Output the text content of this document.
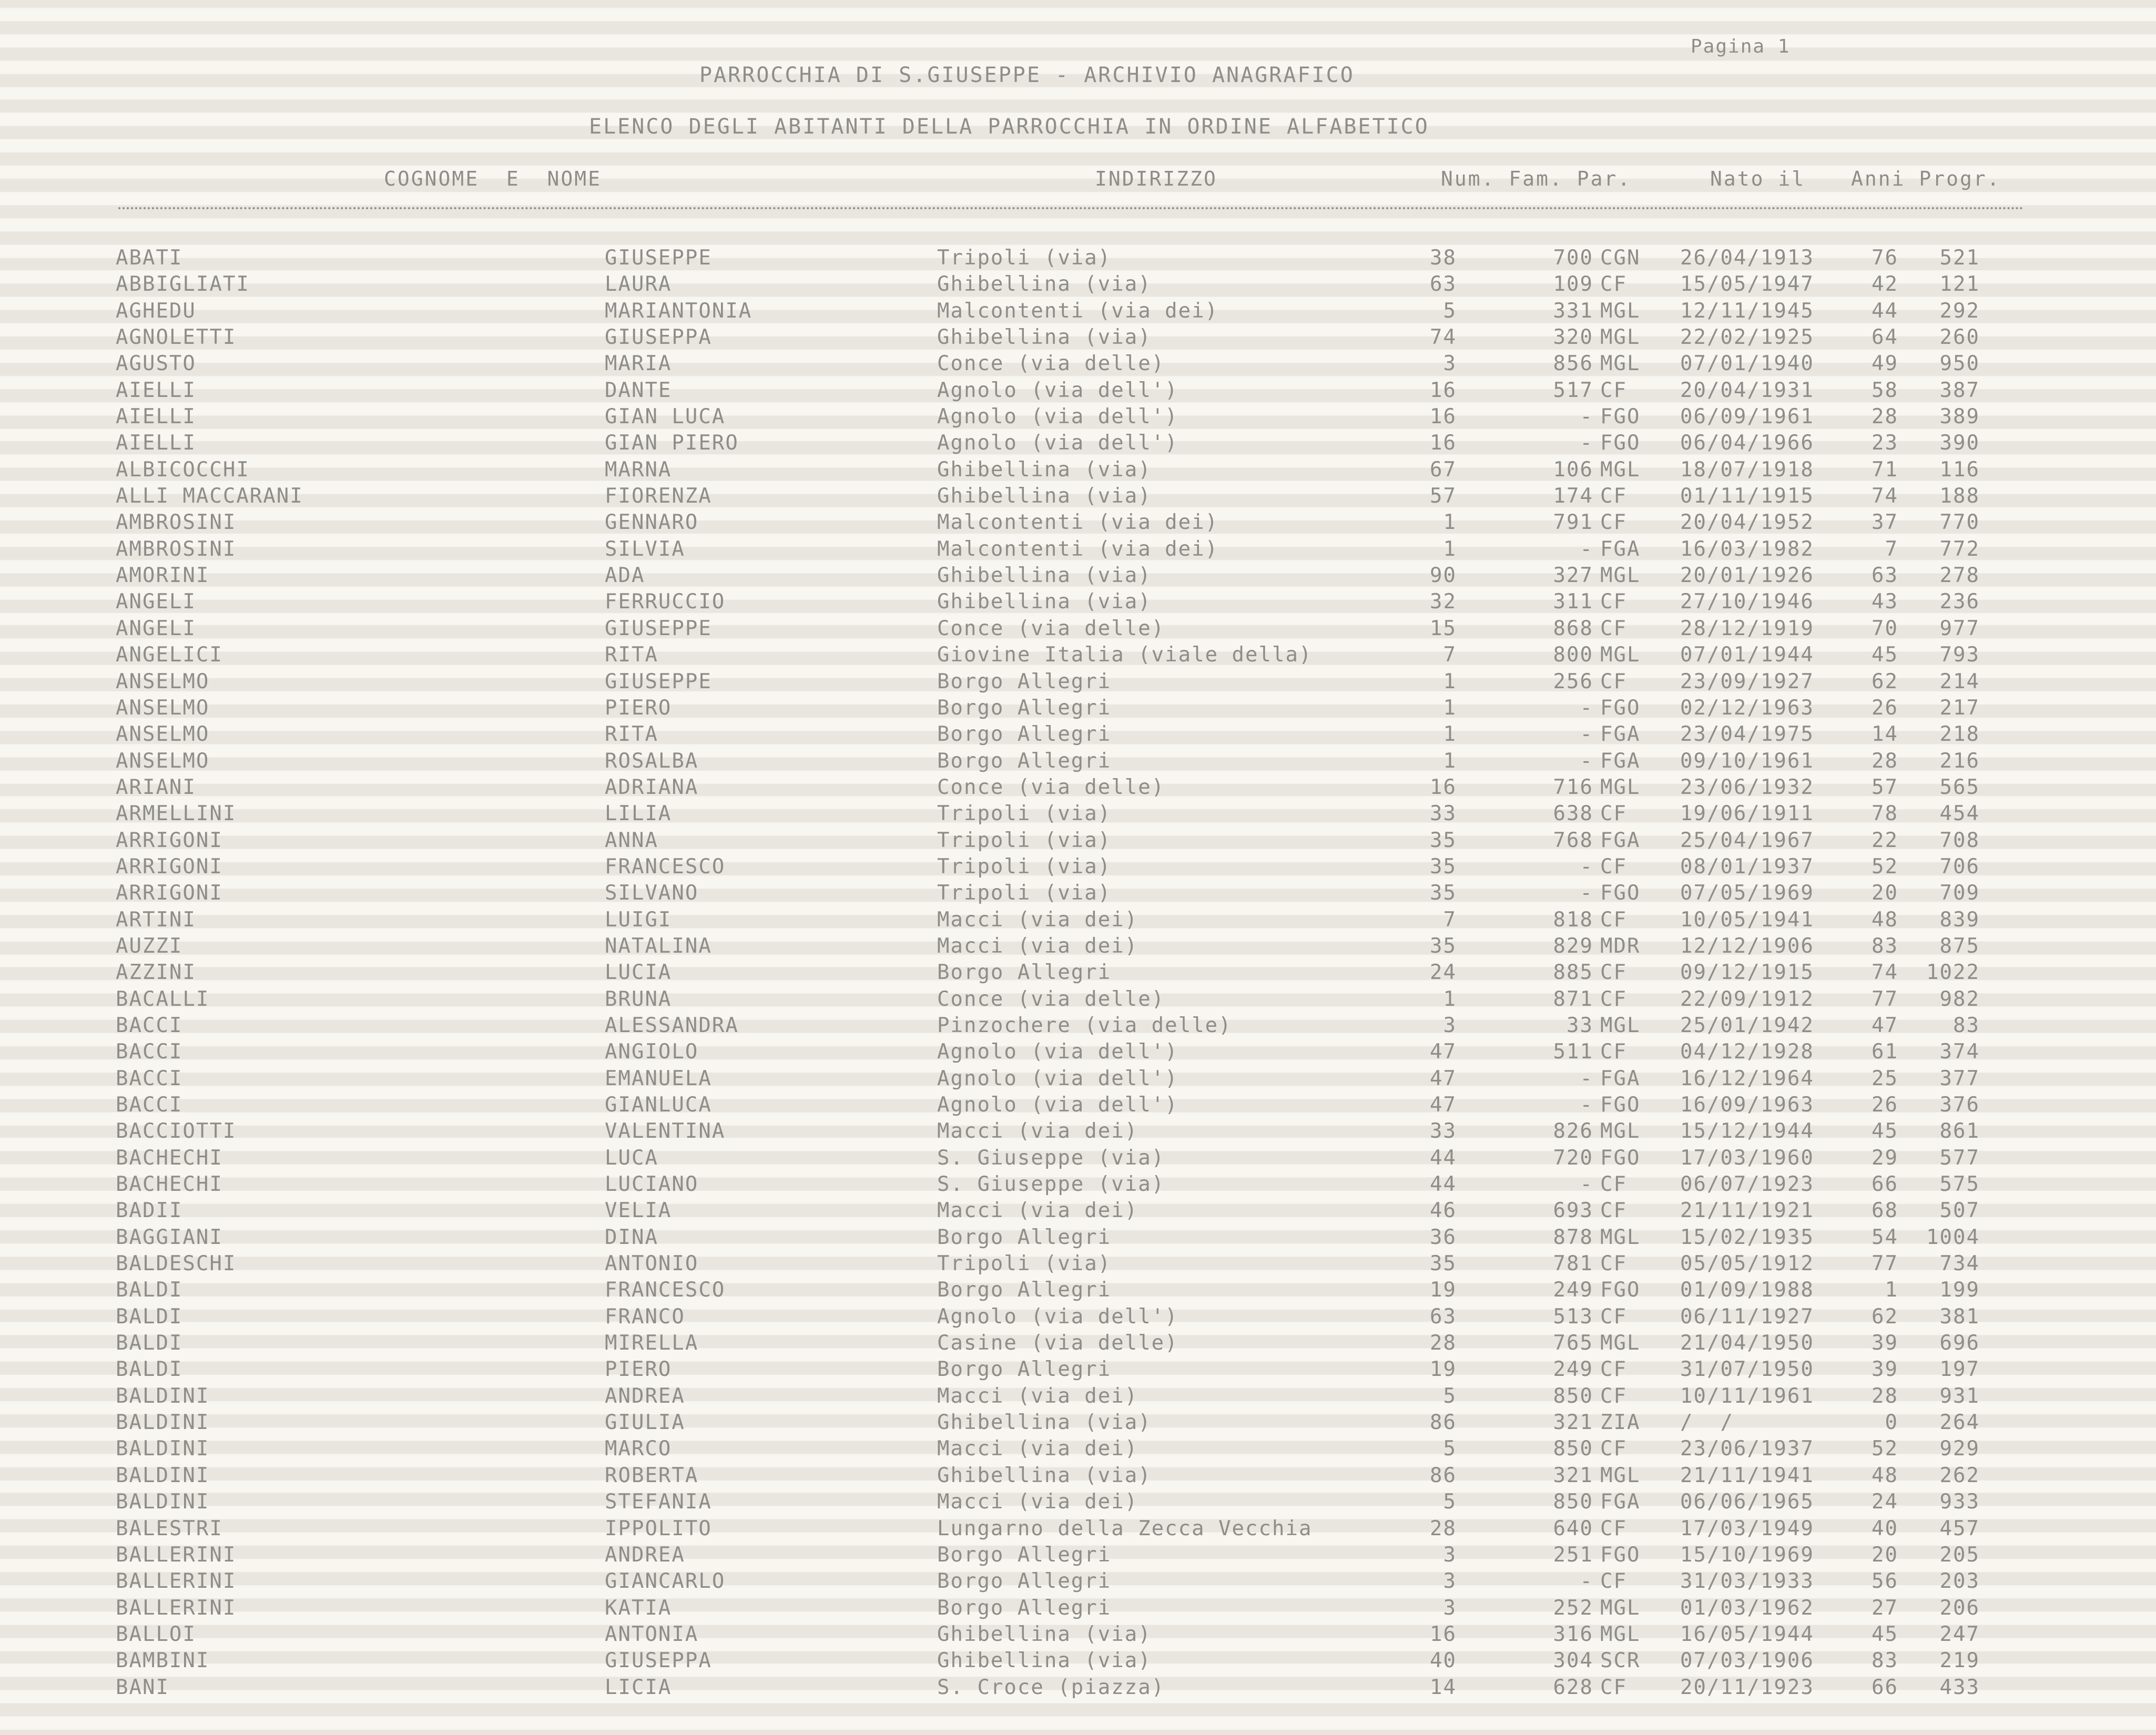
Pagina 1
PARROCCHIA DI S.GIUSEPPE - ARCHIVIO ANAGRAFICO
ELENCO DEGLI ABITANTI DELLA PARROCCHIA IN ORDINE ALFABETICO
COGNOME  E  NOME	INDIRIZZO	Num. Fam. Par.	Nato il Anni Progr.
ABATI	GIUSEPPE	Tripoli (via)	38	700 CGN 26/04/1913	76	521
ABBIGLIATI	LAURA	Ghibellina (via)	63	109 CF	15/05/1947	42	121
AGHEDU	MARIANTONIA	Malcontenti (via dei)	5	331 MGL 12/11/1945	44	292
AGNOLETTI	GIUSEPPA	Ghibellina (via)	74	320 MGL 22/02/1925	64	260
AGUSTO	MARIA	Conce (via delle)	3	856 MGL 07/01/1940	49	950
AIELLI	DANTE	Agnolo (via dell')	16	517 CF	20/04/1931	58	387
AIELLI	GIAN LUCA	Agnolo (via dell')	16	- FGO 06/09/1961	28	389
AIELLI	GIAN PIERO	Agnolo (via dell')	16	- FGO 06/04/1966	23	390
ALBICOCCHI	MARNA	Ghibellina (via)	67	106 MGL 18/07/1918	71	116
ALLI MACCARANI	FIORENZA	Ghibellina (via)	57	174 CF	01/11/1915	74	188
AMBROSINI	GENNARO	Malcontenti (via dei)	1	791 CF	20/04/1952	37	770
AMBROSINI	SILVIA	Malcontenti (via dei)	1	- FGA 16/03/1982	7	772
AMORINI	ADA	Ghibellina (via)	90	327 MGL 20/01/1926	63	278
ANGELI	FERRUCCIO	Ghibellina (via)	32	311 CF	27/10/1946	43	236
ANGELI	GIUSEPPE	Conce (via delle)	15	868 CF	28/12/1919	70	977
ANGELICI	RITA	Giovine Italia (viale della)	7	800 MGL 07/01/1944	45	793
ANSELMO	GIUSEPPE	Borgo Allegri	1	256 CF	23/09/1927	62	214
ANSELMO	PIERO	Borgo Allegri	1	- FGO 02/12/1963	26	217
ANSELMO	RITA	Borgo Allegri	1	- FGA 23/04/1975	14	218
ANSELMO	ROSALBA	Borgo Allegri	1	- FGA 09/10/1961	28	216
ARIANI	ADRIANA	Conce (via delle)	16	716 MGL 23/06/1932	57	565
ARMELLINI	LILIA	Tripoli (via)	33	638 CF	19/06/1911	78	454
ARRIGONI	ANNA	Tripoli (via)	35	768 FGA 25/04/1967	22	708
ARRIGONI	FRANCESCO	Tripoli (via)	35	- CF	08/01/1937	52	706
ARRIGONI	SILVANO	Tripoli (via)	35	- FGO 07/05/1969	20	709
ARTINI	LUIGI	Macci (via dei)	7	818 CF	10/05/1941	48	839
AUZZI	NATALINA	Macci (via dei)	35	829 MDR 12/12/1906	83	875
AZZINI	LUCIA	Borgo Allegri	24	885 CF	09/12/1915	74	1022
BACALLI	BRUNA	Conce (via delle)	1	871 CF	22/09/1912	77	982
BACCI	ALESSANDRA	Pinzochere (via delle)	3	33 MGL 25/01/1942	47	83
BACCI	ANGIOLO	Agnolo (via dell')	47	511 CF	04/12/1928	61	374
BACCI	EMANUELA	Agnolo (via dell')	47	- FGA 16/12/1964	25	377
BACCI	GIANLUCA	Agnolo (via dell')	47	- FGO 16/09/1963	26	376
BACCIOTTI	VALENTINA	Macci (via dei)	33	826 MGL 15/12/1944	45	861
BACHECHI	LUCA	S. Giuseppe (via)	44	720 FGO 17/03/1960	29	577
BACHECHI	LUCIANO	S. Giuseppe (via)	44	- CF	06/07/1923	66	575
BADII	VELIA	Macci (via dei)	46	693 CF	21/11/1921	68	507
BAGGIANI	DINA	Borgo Allegri	36	878 MGL 15/02/1935	54	1004
BALDESCHI	ANTONIO	Tripoli (via)	35	781 CF	05/05/1912	77	734
BALDI	FRANCESCO	Borgo Allegri	19	249 FGO 01/09/1988	1	199
BALDI	FRANCO	Agnolo (via dell')	63	513 CF	06/11/1927	62	381
BALDI	MIRELLA	Casine (via delle)	28	765 MGL 21/04/1950	39	696
BALDI	PIERO	Borgo Allegri	19	249 CF	31/07/1950	39	197
BALDINI	ANDREA	Macci (via dei)	5	850 CF	10/11/1961	28	931
BALDINI	GIULIA	Ghibellina (via)	86	321 ZIA /  /	0	264
BALDINI	MARCO	Macci (via dei)	5	850 CF	23/06/1937	52	929
BALDINI	ROBERTA	Ghibellina (via)	86	321 MGL 21/11/1941	48	262
BALDINI	STEFANIA	Macci (via dei)	5	850 FGA 06/06/1965	24	933
BALESTRI	IPPOLITO	Lungarno della Zecca Vecchia	28	640 CF	17/03/1949	40	457
BALLERINI	ANDREA	Borgo Allegri	3	251 FGO 15/10/1969	20	205
BALLERINI	GIANCARLO	Borgo Allegri	3	- CF	31/03/1933	56	203
BALLERINI	KATIA	Borgo Allegri	3	252 MGL 01/03/1962	27	206
BALLOI	ANTONIA	Ghibellina (via)	16	316 MGL 16/05/1944	45	247
BAMBINI	GIUSEPPA	Ghibellina (via)	40	304 SCR 07/03/1906	83	219
BANI	LICIA	S. Croce (piazza)	14	628 CF	20/11/1923	66	433
